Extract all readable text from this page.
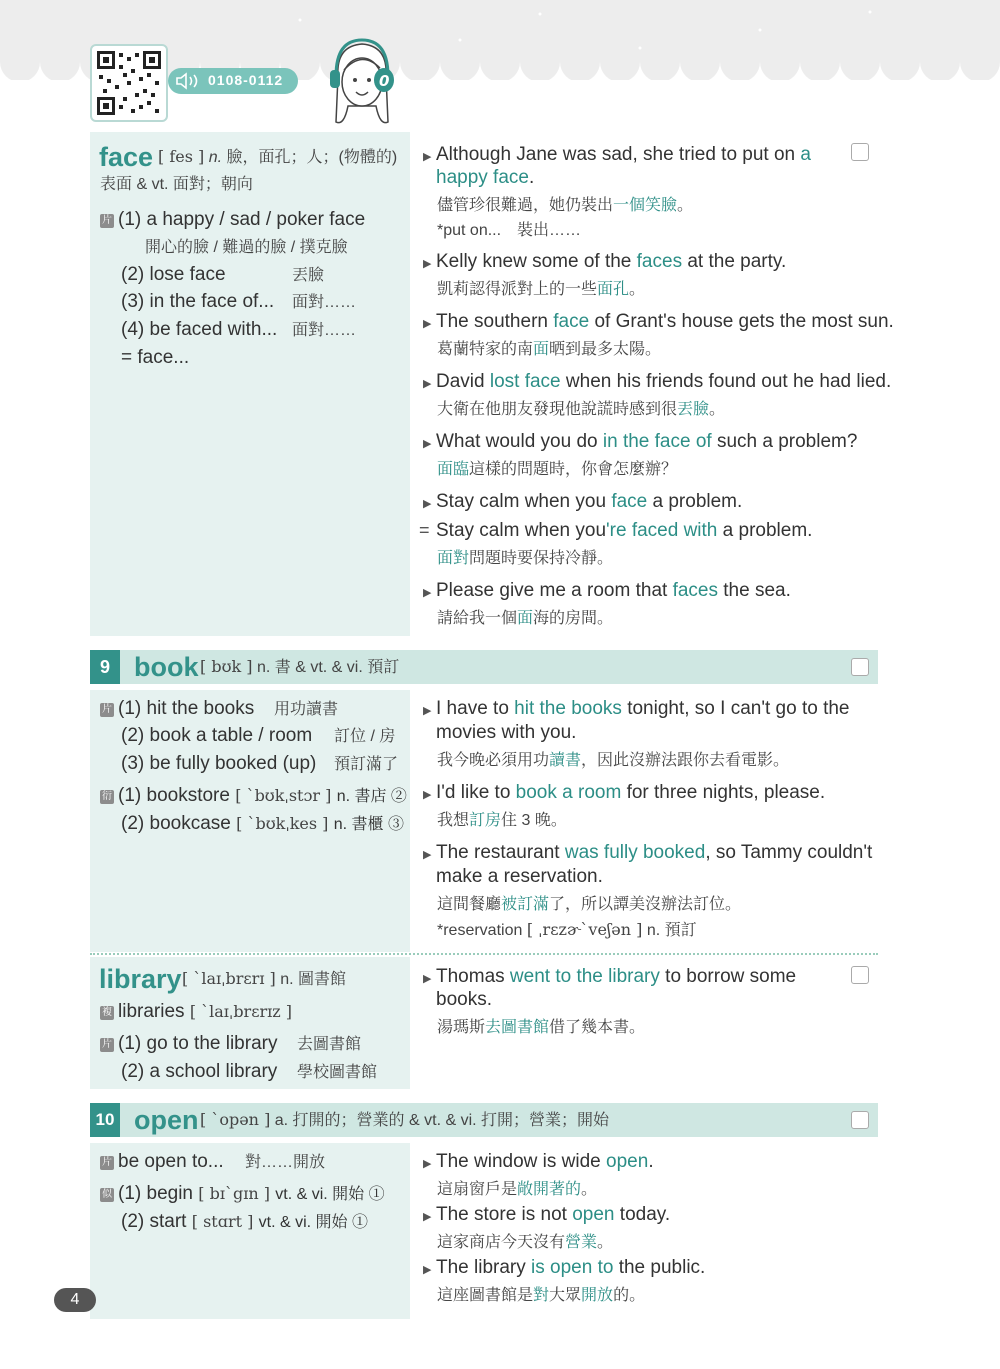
0108-0112	0
face [ fes ] n. 臉，面孔；人；(物體的)
表面 & vt. 面對；朝向
片 (1) a happy / sad / poker face
開心的臉 / 難過的臉 / 撲克臉
(2) lose face	丟臉
(3) in the face of... 面對……
(4) be faced with... 面對……
= face...
▶ Although Jane was sad, she tried to put on a
happy face.
儘管珍很難過，她仍裝出一個笑臉。
*put on...　裝出……
▶ Kelly knew some of the faces at the party.
凱莉認得派對上的一些面孔。
▶ The southern face of Grant's house gets the most sun.
葛蘭特家的南面晒到最多太陽。
▶ David lost face when his friends found out he had lied.
大衛在他朋友發現他說謊時感到很丟臉。
▶ What would you do in the face of such a problem?
面臨這樣的問題時，你會怎麼辦？
▶ Stay calm when you face a problem.
= Stay calm when you're faced with a problem.
面對問題時要保持冷靜。
▶ Please give me a room that faces the sea.
請給我一個面海的房間。
9 book [ bʊk ] n. 書 & vt. & vi. 預訂
片 (1) hit the books 用功讀書
(2) book a table / room 訂位 / 房
(3) be fully booked (up) 預訂滿了
衍 (1) bookstore [ ˋbʊkˌstɔr ] n. 書店 ②
(2) bookcase [ ˋbʊkˌkes ] n. 書櫃 ③
▶ I have to hit the books tonight, so I can't go to the
movies with you.
我今晚必須用功讀書，因此沒辦法跟你去看電影。
▶ I'd like to book a room for three nights, please.
我想訂房住 3 晚。
▶ The restaurant was fully booked, so Tammy couldn't
make a reservation.
這間餐廳被訂滿了，所以譚美沒辦法訂位。
*reservation [ ˌrɛzɚˋveʃən ] n. 預訂
library [ ˋlaɪˌbrɛrɪ ] n. 圖書館
複 libraries [ ˋlaɪˌbrɛrɪz ]
片 (1) go to the library 去圖書館
(2) a school library 學校圖書館
▶ Thomas went to the library to borrow some
books.
湯瑪斯去圖書館借了幾本書。
10 open [ ˋopən ] a. 打開的；營業的 & vt. & vi. 打開；營業；開始
片 be open to... 對……開放
似 (1) begin [ bɪˋgɪn ] vt. & vi. 開始 ①
(2) start [ stɑrt ] vt. & vi. 開始 ①
▶ The window is wide open.
這扇窗戶是敞開著的。
▶ The store is not open today.
這家商店今天沒有營業。
▶ The library is open to the public.
這座圖書館是對大眾開放的。
4
